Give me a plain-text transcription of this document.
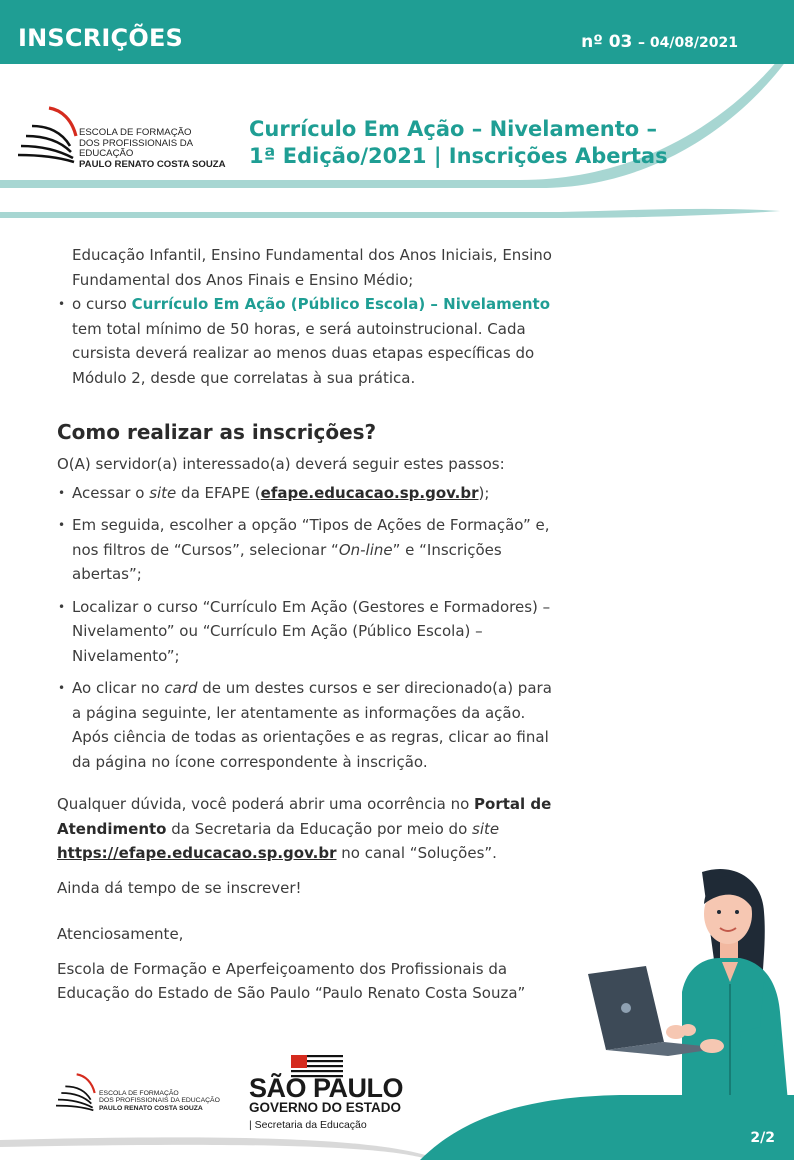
INSCRIÇÕES	nº 03 – 04/08/2021
ESCOLA DE FORMAÇÃO
DOS PROFISSIONAIS DA EDUCAÇÃO
PAULO RENATO COSTA SOUZA
Currículo Em Ação – Nivelamento –
1ª Edição/2021 | Inscrições Abertas

Educação Infantil, Ensino Fundamental dos Anos Iniciais, Ensino Fundamental dos Anos Finais e Ensino Médio;

• o curso Currículo Em Ação (Público Escola) – Nivelamento tem total mínimo de 50 horas, e será autoinstrucional. Cada cursista deverá realizar ao menos duas etapas específicas do Módulo 2, desde que correlatas à sua prática.
Como realizar as inscrições?

O(A) servidor(a) interessado(a) deverá seguir estes passos:

• Acessar o site da EFAPE (efape.educacao.sp.gov.br);
• Em seguida, escolher a opção “Tipos de Ações de Formação” e, nos filtros de “Cursos”, selecionar “On-line” e “Inscrições abertas”;
• Localizar o curso “Currículo Em Ação (Gestores e Formadores) – Nivelamento” ou “Currículo Em Ação (Público Escola) – Nivelamento”;
• Ao clicar no card de um destes cursos e ser direcionado(a) para a página seguinte, ler atentamente as informações da ação. Após ciência de todas as orientações e as regras, clicar ao final da página no ícone correspondente à inscrição.

Qualquer dúvida, você poderá abrir uma ocorrência no Portal de Atendimento da Secretaria da Educação por meio do site https://efape.educacao.sp.gov.br no canal “Soluções”.

Ainda dá tempo de se inscrever!

Atenciosamente,

Escola de Formação e Aperfeiçoamento dos Profissionais da Educação do Estado de São Paulo “Paulo Renato Costa Souza”

2/2
ESCOLA DE FORMAÇÃO
DOS PROFISSIONAIS DA EDUCAÇÃO
PAULO RENATO COSTA SOUZA
SÃO PAULO
GOVERNO DO ESTADO
| Secretaria da Educação
